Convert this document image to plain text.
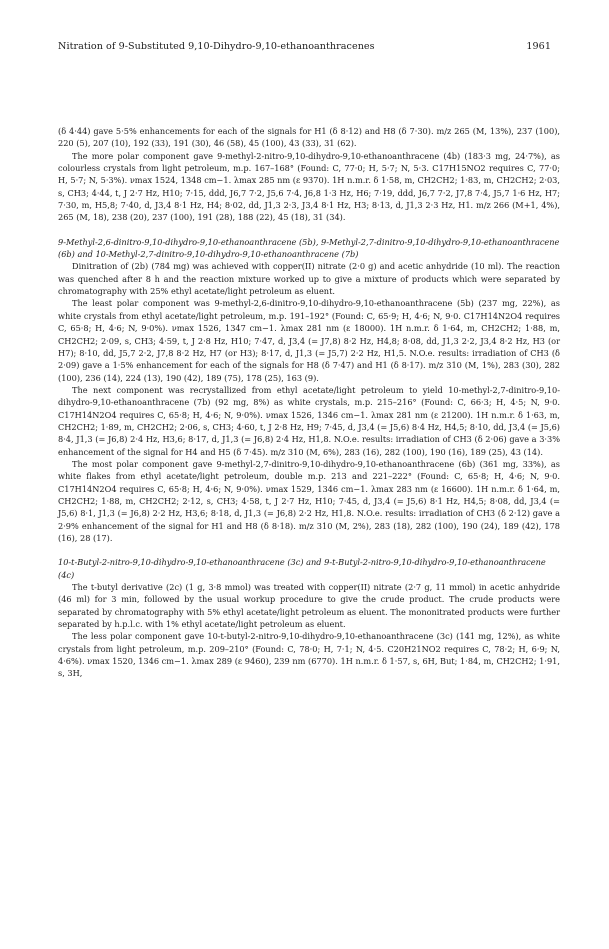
Nitration of 9-Substituted 9,10-Dihydro-9,10-ethanoanthracenes	1961

(δ 4·44) gave 5·5% enhancements for each of the signals for H1 (δ 8·12) and H8 (δ 7·30). m/z 265 (M, 13%), 237 (100), 220 (5), 207 (10), 192 (33), 191 (30), 46 (58), 45 (100), 43 (33), 31 (62).

The more polar component gave 9-methyl-2-nitro-9,10-dihydro-9,10-ethanoanthracene (4b) (183·3 mg, 24·7%), as colourless crystals from light petroleum, m.p. 167–168° (Found: C, 77·0; H, 5·7; N, 5·3. C17H15NO2 requires C, 77·0; H, 5·7; N, 5·3%). νmax 1524, 1348 cm−1. λmax 285 nm (ε 9370). 1H n.m.r. δ 1·58, m, CH2CH2; 1·83, m, CH2CH2; 2·03, s, CH3; 4·44, t, J 2·7 Hz, H10; 7·15, ddd, J6,7 7·2, J5,6 7·4, J6,8 1·3 Hz, H6; 7·19, ddd, J6,7 7·2, J7,8 7·4, J5,7 1·6 Hz, H7; 7·30, m, H5,8; 7·40, d, J3,4 8·1 Hz, H4; 8·02, dd, J1,3 2·3, J3,4 8·1 Hz, H3; 8·13, d, J1,3 2·3 Hz, H1. m/z 266 (M+1, 4%), 265 (M, 18), 238 (20), 237 (100), 191 (28), 188 (22), 45 (18), 31 (34).

9-Methyl-2,6-dinitro-9,10-dihydro-9,10-ethanoanthracene (5b), 9-Methyl-2,7-dinitro-9,10-dihydro-9,10-ethanoanthracene (6b) and 10-Methyl-2,7-dinitro-9,10-dihydro-9,10-ethanoanthracene (7b)

Dinitration of (2b) (784 mg) was achieved with copper(II) nitrate (2·0 g) and acetic anhydride (10 ml). The reaction was quenched after 8 h and the reaction mixture worked up to give a mixture of products which were separated by chromatography with 25% ethyl acetate/light petroleum as eluent.

The least polar component was 9-methyl-2,6-dinitro-9,10-dihydro-9,10-ethanoanthracene (5b) (237 mg, 22%), as white crystals from ethyl acetate/light petroleum, m.p. 191–192° (Found: C, 65·9; H, 4·6; N, 9·0. C17H14N2O4 requires C, 65·8; H, 4·6; N, 9·0%). νmax 1526, 1347 cm−1. λmax 281 nm (ε 18000). 1H n.m.r. δ 1·64, m, CH2CH2; 1·88, m, CH2CH2; 2·09, s, CH3; 4·59, t, J 2·8 Hz, H10; 7·47, d, J3,4 (= J7,8) 8·2 Hz, H4,8; 8·08, dd, J1,3 2·2, J3,4 8·2 Hz, H3 (or H7); 8·10, dd, J5,7 2·2, J7,8 8·2 Hz, H7 (or H3); 8·17, d, J1,3 (= J5,7) 2·2 Hz, H1,5. N.O.e. results: irradiation of CH3 (δ 2·09) gave a 1·5% enhancement for each of the signals for H8 (δ 7·47) and H1 (δ 8·17). m/z 310 (M, 1%), 283 (30), 282 (100), 236 (14), 224 (13), 190 (42), 189 (75), 178 (25), 163 (9).

The next component was recrystallized from ethyl acetate/light petroleum to yield 10-methyl-2,7-dinitro-9,10-dihydro-9,10-ethanoanthracene (7b) (92 mg, 8%) as white crystals, m.p. 215–216° (Found: C, 66·3; H, 4·5; N, 9·0. C17H14N2O4 requires C, 65·8; H, 4·6; N, 9·0%). νmax 1526, 1346 cm−1. λmax 281 nm (ε 21200). 1H n.m.r. δ 1·63, m, CH2CH2; 1·89, m, CH2CH2; 2·06, s, CH3; 4·60, t, J 2·8 Hz, H9; 7·45, d, J3,4 (= J5,6) 8·4 Hz, H4,5; 8·10, dd, J3,4 (= J5,6) 8·4, J1,3 (= J6,8) 2·4 Hz, H3,6; 8·17, d, J1,3 (= J6,8) 2·4 Hz, H1,8. N.O.e. results: irradiation of CH3 (δ 2·06) gave a 3·3% enhancement of the signal for H4 and H5 (δ 7·45). m/z 310 (M, 6%), 283 (16), 282 (100), 190 (16), 189 (25), 43 (14).

The most polar component gave 9-methyl-2,7-dinitro-9,10-dihydro-9,10-ethanoanthracene (6b) (361 mg, 33%), as white flakes from ethyl acetate/light petroleum, double m.p. 213 and 221–222° (Found: C, 65·8; H, 4·6; N, 9·0. C17H14N2O4 requires C, 65·8; H, 4·6; N, 9·0%). νmax 1529, 1346 cm−1. λmax 283 nm (ε 16600). 1H n.m.r. δ 1·64, m, CH2CH2; 1·88, m, CH2CH2; 2·12, s, CH3; 4·58, t, J 2·7 Hz, H10; 7·45, d, J3,4 (= J5,6) 8·1 Hz, H4,5; 8·08, dd, J3,4 (= J5,6) 8·1, J1,3 (= J6,8) 2·2 Hz, H3,6; 8·18, d, J1,3 (= J6,8) 2·2 Hz, H1,8. N.O.e. results: irradiation of CH3 (δ 2·12) gave a 2·9% enhancement of the signal for H1 and H8 (δ 8·18). m/z 310 (M, 2%), 283 (18), 282 (100), 190 (24), 189 (42), 178 (16), 28 (17).

10-t-Butyl-2-nitro-9,10-dihydro-9,10-ethanoanthracene (3c) and 9-t-Butyl-2-nitro-9,10-dihydro-9,10-ethanoanthracene (4c)

The t-butyl derivative (2c) (1 g, 3·8 mmol) was treated with copper(II) nitrate (2·7 g, 11 mmol) in acetic anhydride (46 ml) for 3 min, followed by the usual workup procedure to give the crude product. The crude products were separated by chromatography with 5% ethyl acetate/light petroleum as eluent. The mononitrated products were further separated by h.p.l.c. with 1% ethyl acetate/light petroleum as eluent.

The less polar component gave 10-t-butyl-2-nitro-9,10-dihydro-9,10-ethanoanthracene (3c) (141 mg, 12%), as white crystals from light petroleum, m.p. 209–210° (Found: C, 78·0; H, 7·1; N, 4·5. C20H21NO2 requires C, 78·2; H, 6·9; N, 4·6%). νmax 1520, 1346 cm−1. λmax 289 (ε 9460), 239 nm (6770). 1H n.m.r. δ 1·57, s, 6H, But; 1·84, m, CH2CH2; 1·91, s, 3H,
